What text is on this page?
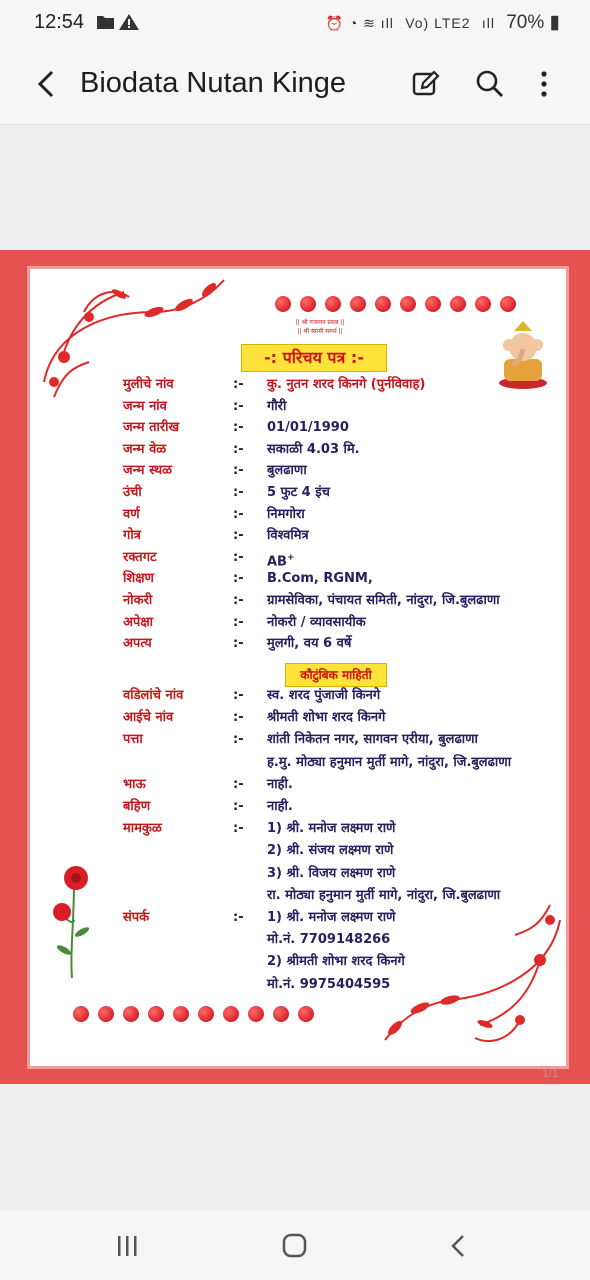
12:54	⏰ ◔ ≋ ıll Vo) LTE2 ıll 70% ▮
Biodata Nutan Kinge
|| श्री गजानन प्रसन्न ||
|| श्री स्वामी समर्थ ||
-: परिचय पत्र :-
मुलीचे नांव	:- कु. नुतन शरद किनगे (पुर्नविवाह)
जन्म नांव	:- गौरी
जन्म तारीख	:- 01/01/1990
जन्म वेळ	:- सकाळी 4.03 मि.
जन्म स्थळ	:- बुलढाणा
उंची	:- 5 फुट 4 इंच
वर्ण	:- निमगोरा
गोत्र	:- विश्वमित्र
रक्तगट	:- AB+
शिक्षण	:- B.Com, RGNM,
नोकरी	:- ग्रामसेविका, पंचायत समिती, नांदुरा, जि.बुलढाणा
अपेक्षा	:- नोकरी / व्यावसायीक
अपत्य	:- मुलगी, वय 6 वर्षे
कौटुंबिक माहिती
वडिलांचे नांव	:- स्व. शरद पुंजाजी किनगे
आईचे नांव	:- श्रीमती शोभा शरद किनगे
पत्ता	:- शांती निकेतन नगर, सागवन एरीया, बुलढाणा
ह.मु. मोठ्या हनुमान मुर्ती मागे, नांदुरा, जि.बुलढाणा
भाऊ	:- नाही.
बहिण	:- नाही.
मामकुळ	:- 1) श्री. मनोज लक्ष्मण राणे
2) श्री. संजय लक्ष्मण राणे
3) श्री. विजय लक्ष्मण राणे
रा. मोठ्या हनुमान मुर्ती मागे, नांदुरा, जि.बुलढाणा
संपर्क	:- 1) श्री. मनोज लक्ष्मण राणे
मो.नं. 7709148266
2) श्रीमती शोभा शरद किनगे
मो.नं. 9975404595
1/1
